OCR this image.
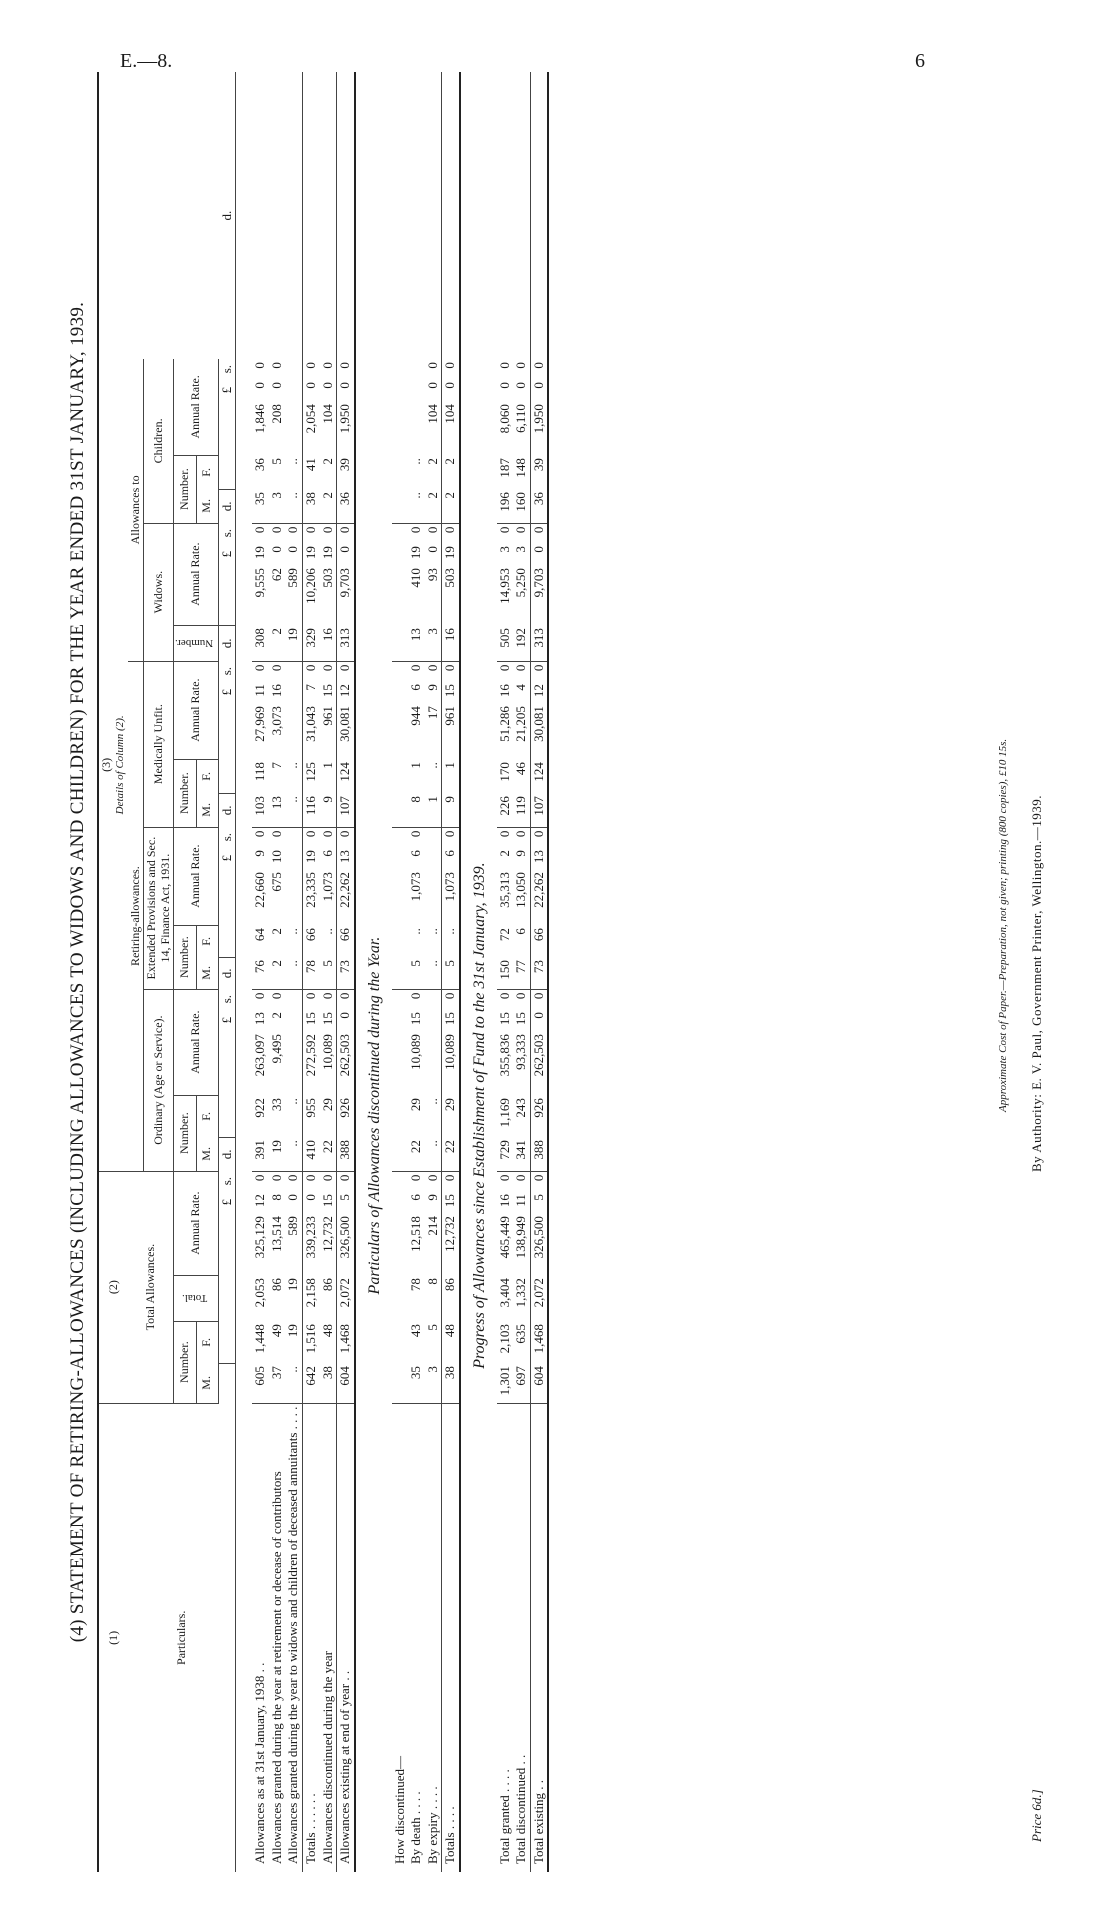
E.—8.	6
(4) STATEMENT OF RETIRING-ALLOWANCES (INCLUDING ALLOWANCES TO WIDOWS AND CHILDREN) FOR THE YEAR ENDED 31ST JANUARY, 1939. (1)	(2)						(3)
Details of Column (2).																								
Particulars.	Total Allowances.						Retiring-allowances.															Allowances to									
							Ordinary (Age or Service).					Extended Provisions and Sec. 14, Finance Act, 1931.					Medically Unfit.					Widows.				Children.					
	Number.		Total.	Annual Rate.			Number.		Annual Rate.			Number.		Annual Rate.			Number.		Annual Rate.			Number.	Annual Rate.			Number.		Annual Rate.			
	M.	F.					M.	F.				M.	F.				M.	F.								M.	F.				
					£	s.	d.			£	s.	d.			£	s.	d.			£	s.	d.		£	s.	d.			£	s.	d.

Allowances as at 31st January, 1938 . .	605	1,448	2,053	325,129	12	0	391	922	263,097	13	0	76	64	22,660	9	0	103	118	27,969	11	0	308	9,555	19	0	35	36	1,846	0	0	
Allowances granted during the year at retirement or decease of contributors	37	49	86	13,514	8	0	19	33	9,495	2	0	2	2	675	10	0	13	7	3,073	16	0	2	62	0	0	3	5	208	0	0	
Allowances granted during the year to widows and children of deceased annuitants . . . .	..	19	19	589	0	0	..	..				..	..				..	..				19	589	0	0	..	..				
Totals . . . . . .	642	1,516	2,158	339,233	0	0	410	955	272,592	15	0	78	66	23,335	19	0	116	125	31,043	7	0	329	10,206	19	0	38	41	2,054	0	0	
Allowances discontinued during the year	38	48	86	12,732	15	0	22	29	10,089	15	0	5	..	1,073	6	0	9	1	961	15	0	16	503	19	0	2	2	104	0	0	
Allowances existing at end of year . .	604	1,468	2,072	326,500	5	0	388	926	262,503	0	0	73	66	22,262	13	0	107	124	30,081	12	0	313	9,703	0	0	36	39	1,950	0	0	
Particulars of Allowances discontinued during the Year.																															
How discontinued—																															
By death . . . .	35	43	78	12,518	6	0	22	29	10,089	15	0	5	..	1,073	6	0	8	1	944	6	0	13	410	19	0	..	..				
By expiry . . . .	3	5	8	214	9	0	..	..				..	..				1	..	17	9	0	3	93	0	0	2	2	104	0	0	
Totals . . . .	38	48	86	12,732	15	0	22	29	10,089	15	0	5	..	1,073	6	0	9	1	961	15	0	16	503	19	0	2	2	104	0	0	
Progress of Allowances since Establishment of Fund to the 31st January, 1939.																															
Total granted . . . .	1,301	2,103	3,404	465,449	16	0	729	1,169	355,836	15	0	150	72	35,313	2	0	226	170	51,286	16	0	505	14,953	3	0	196	187	8,060	0	0	
Total discontinued . .	697	635	1,332	138,949	11	0	341	243	93,333	15	0	77	6	13,050	9	0	119	46	21,205	4	0	192	5,250	3	0	160	148	6,110	0	0	
Total existing . .	604	1,468	2,072	326,500	5	0	388	926	262,503	0	0	73	66	22,262	13	0	107	124	30,081	12	0	313	9,703	0	0	36	39	1,950	0	0	
Approximate Cost of Paper.—Preparation, not given; printing (800 copies), £10 15s. By Authority: E. V. Paul, Government Printer, Wellington.—1939.
Price 6d.]
